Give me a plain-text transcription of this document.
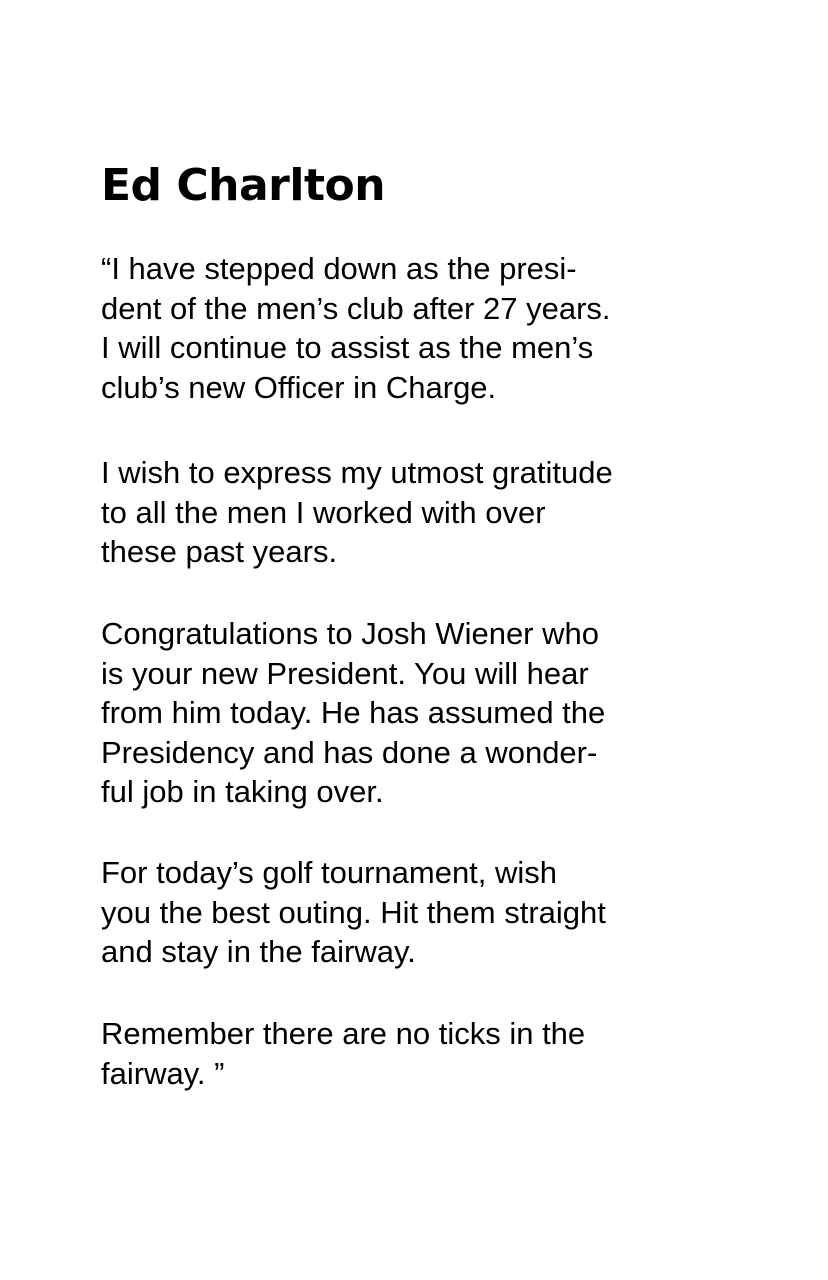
Ed Charlton

“I have stepped down as the presi-
dent of the men’s club after 27 years.
I will continue to assist as the men’s
club’s new Officer in Charge.

I wish to express my utmost gratitude
to all the men I worked with over
these past years.

Congratulations to Josh Wiener who
is your new President. You will hear
from him today. He has assumed the
Presidency and has done a wonder-
ful job in taking over.

For today’s golf tournament, wish
you the best outing. Hit them straight
and stay in the fairway.

Remember there are no ticks in the
fairway. ”
